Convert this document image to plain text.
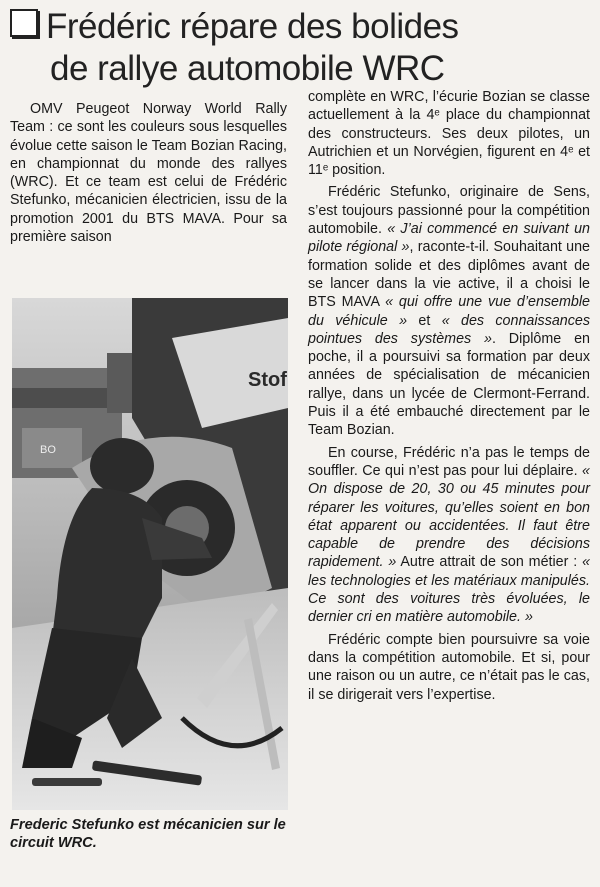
Frédéric répare des bolides
de rallye automobile WRC

OMV Peugeot Norway World Rally Team : ce sont les couleurs sous lesquelles évolue cette saison le Team Bozian Racing, en championnat du monde des rallyes (WRC). Et ce team est celui de Frédéric Stefunko, mécanicien électricien, issu de la promotion 2001 du BTS MAVA. Pour sa première saison

Stof
BO
Frederic Stefunko est mécanicien sur le circuit WRC.

complète en WRC, l’écurie Bozian se classe actuellement à la 4ᵉ place du championnat des constructeurs. Ses deux pilotes, un Autrichien et un Norvégien, figurent en 4ᵉ et 11ᵉ position.

Frédéric Stefunko, originaire de Sens, s’est toujours passionné pour la compétition automobile. « J’ai commencé en suivant un pilote régional », raconte-t-il. Souhaitant une formation solide et des diplômes avant de se lancer dans la vie active, il a choisi le BTS MAVA « qui offre une vue d’ensemble du véhicule » et « des connaissances pointues des systèmes ». Diplôme en poche, il a poursuivi sa formation par deux années de spécialisation de mécanicien rallye, dans un lycée de Clermont-Ferrand. Puis il a été embauché directement par le Team Bozian.

En course, Frédéric n’a pas le temps de souffler. Ce qui n’est pas pour lui déplaire. « On dispose de 20, 30 ou 45 minutes pour réparer les voitures, qu’elles soient en bon état apparent ou accidentées. Il faut être capable de prendre des décisions rapidement. » Autre attrait de son métier : « les technologies et les matériaux manipulés. Ce sont des voitures très évoluées, le dernier cri en matière automobile. »

Frédéric compte bien poursuivre sa voie dans la compétition automobile. Et si, pour une raison ou un autre, ce n’était pas le cas, il se dirigerait vers l’expertise.
